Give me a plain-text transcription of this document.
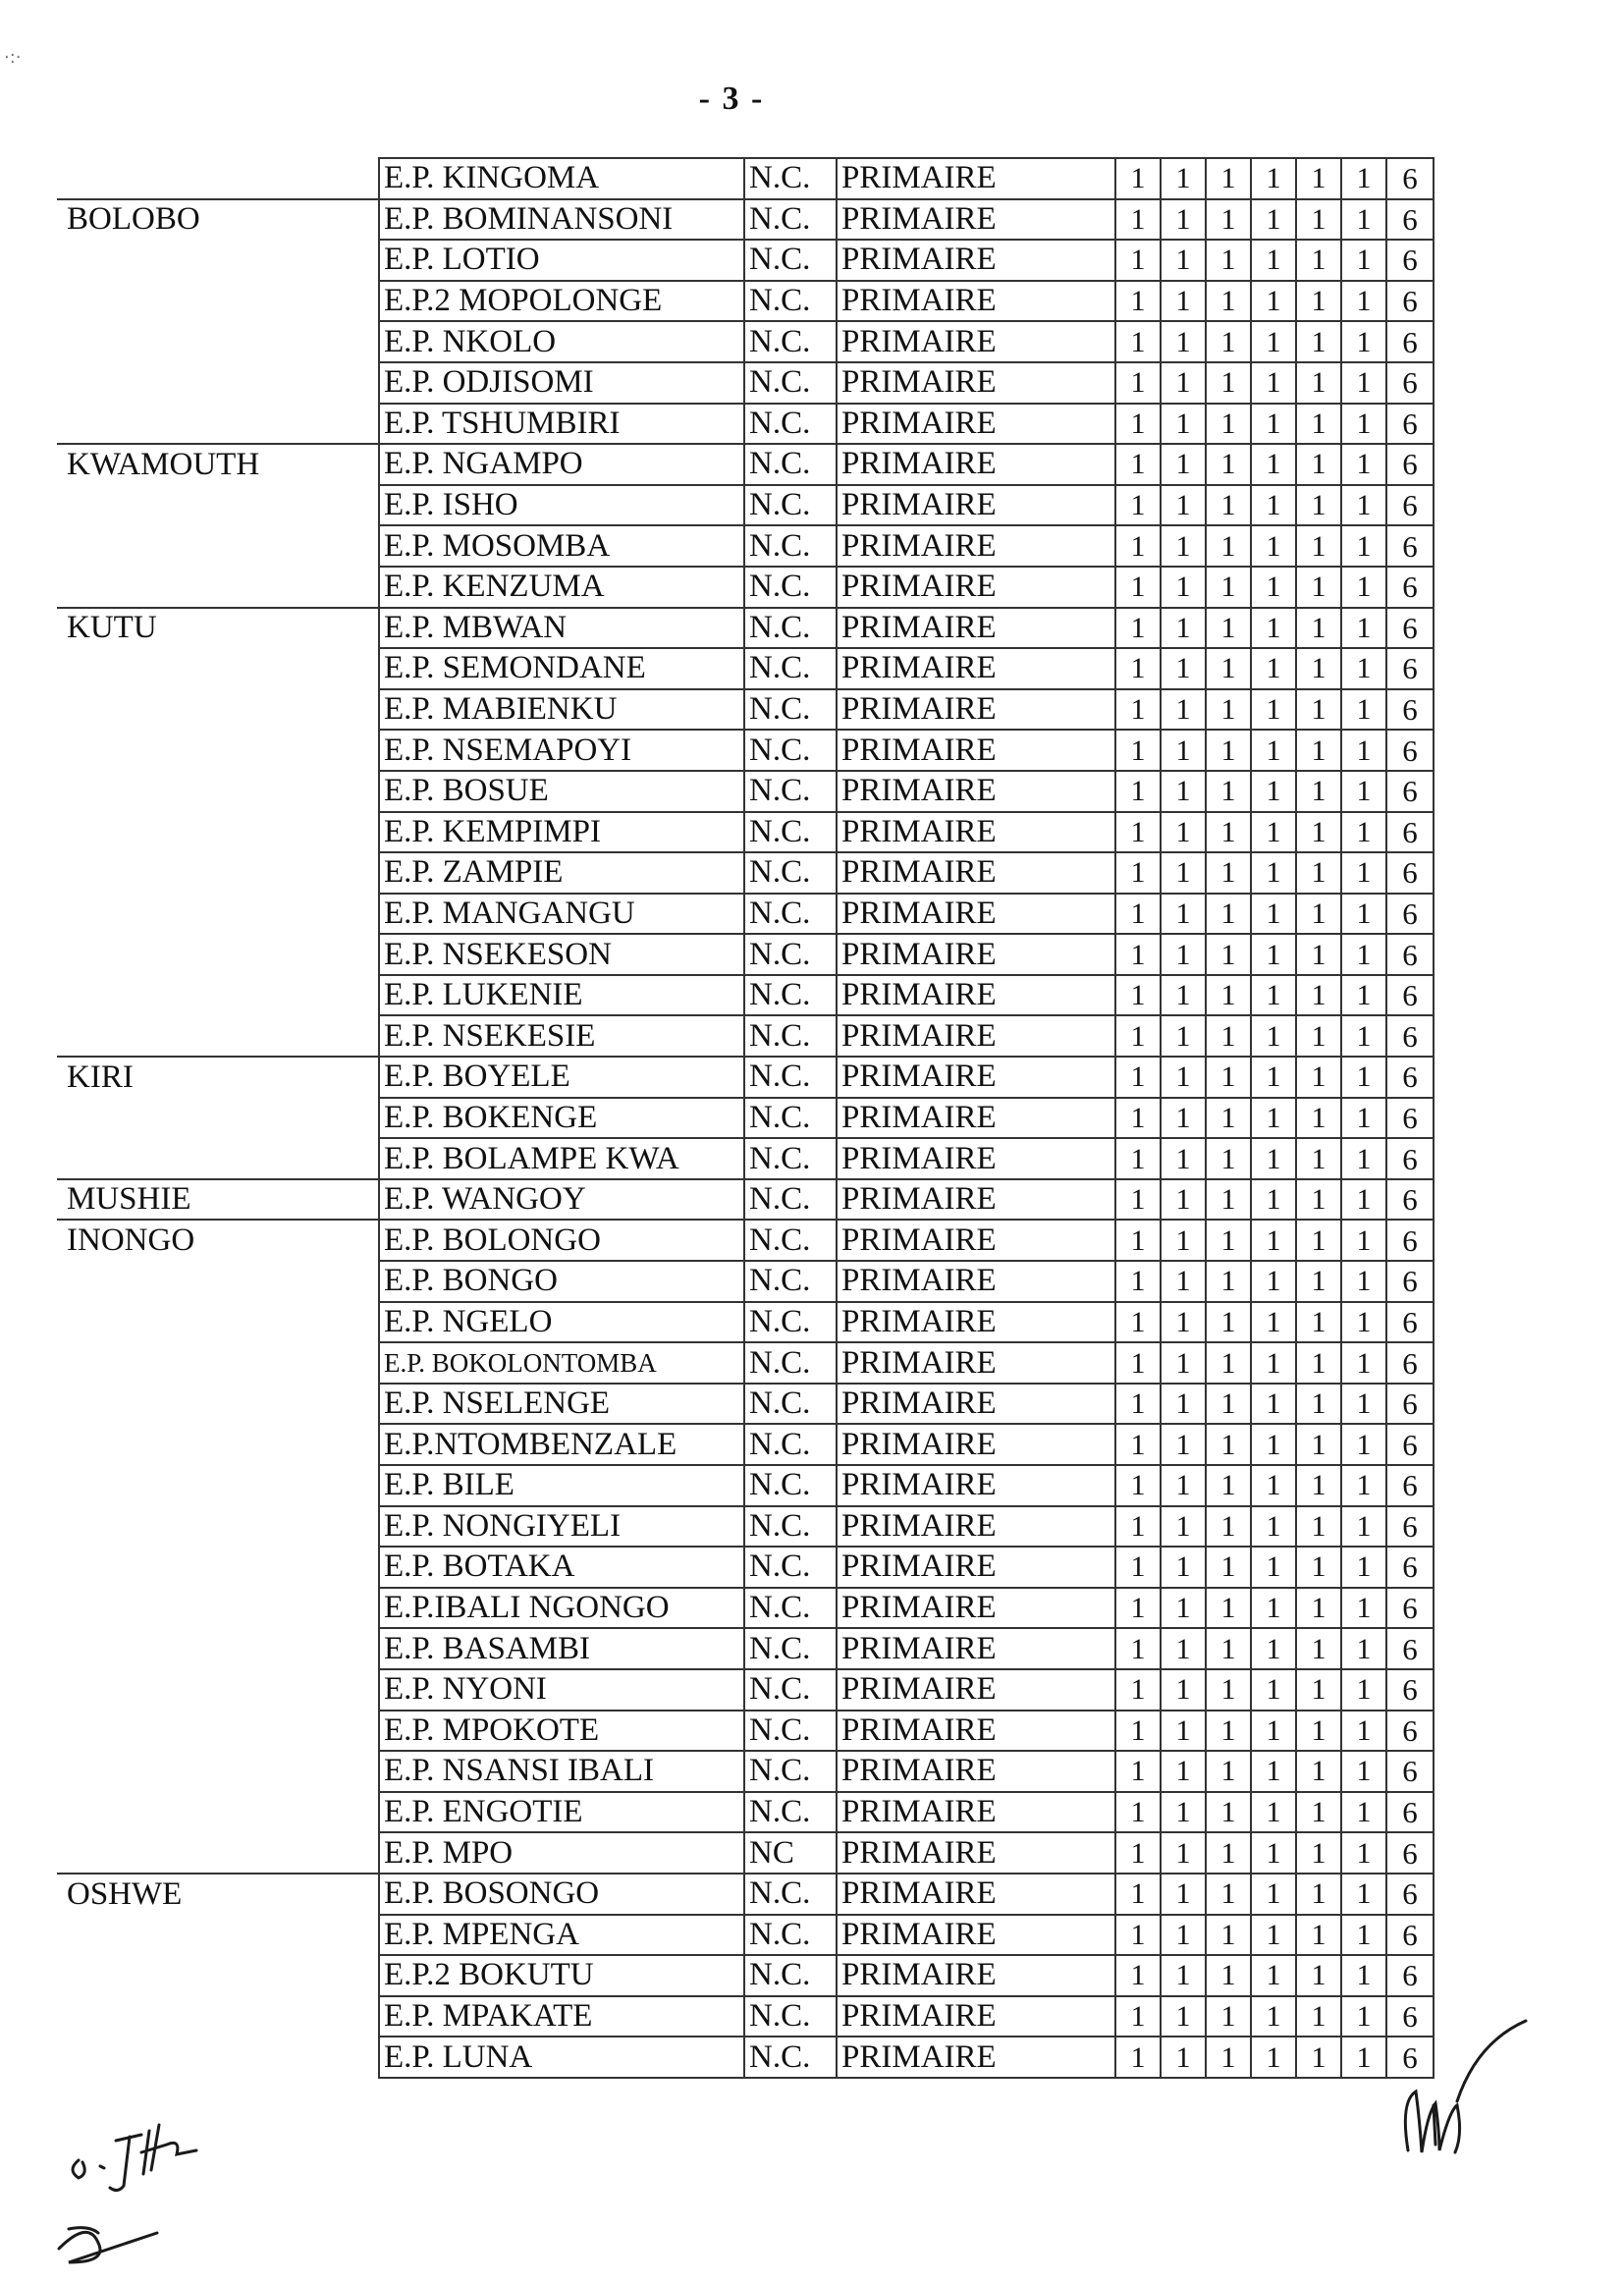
·:·
- 3 -
	E.P. KINGOMA	N.C.	PRIMAIRE	1	1	1	1	1	1	6
BOLOBO	E.P. BOMINANSONI	N.C.	PRIMAIRE	1	1	1	1	1	1	6
	E.P. LOTIO	N.C.	PRIMAIRE	1	1	1	1	1	1	6
	E.P.2 MOPOLONGE	N.C.	PRIMAIRE	1	1	1	1	1	1	6
	E.P. NKOLO	N.C.	PRIMAIRE	1	1	1	1	1	1	6
	E.P. ODJISOMI	N.C.	PRIMAIRE	1	1	1	1	1	1	6
	E.P. TSHUMBIRI	N.C.	PRIMAIRE	1	1	1	1	1	1	6
KWAMOUTH	E.P. NGAMPO	N.C.	PRIMAIRE	1	1	1	1	1	1	6
	E.P. ISHO	N.C.	PRIMAIRE	1	1	1	1	1	1	6
	E.P. MOSOMBA	N.C.	PRIMAIRE	1	1	1	1	1	1	6
	E.P. KENZUMA	N.C.	PRIMAIRE	1	1	1	1	1	1	6
KUTU	E.P. MBWAN	N.C.	PRIMAIRE	1	1	1	1	1	1	6
	E.P. SEMONDANE	N.C.	PRIMAIRE	1	1	1	1	1	1	6
	E.P. MABIENKU	N.C.	PRIMAIRE	1	1	1	1	1	1	6
	E.P. NSEMAPOYI	N.C.	PRIMAIRE	1	1	1	1	1	1	6
	E.P. BOSUE	N.C.	PRIMAIRE	1	1	1	1	1	1	6
	E.P. KEMPIMPI	N.C.	PRIMAIRE	1	1	1	1	1	1	6
	E.P. ZAMPIE	N.C.	PRIMAIRE	1	1	1	1	1	1	6
	E.P. MANGANGU	N.C.	PRIMAIRE	1	1	1	1	1	1	6
	E.P. NSEKESON	N.C.	PRIMAIRE	1	1	1	1	1	1	6
	E.P. LUKENIE	N.C.	PRIMAIRE	1	1	1	1	1	1	6
	E.P. NSEKESIE	N.C.	PRIMAIRE	1	1	1	1	1	1	6
KIRI	E.P. BOYELE	N.C.	PRIMAIRE	1	1	1	1	1	1	6
	E.P. BOKENGE	N.C.	PRIMAIRE	1	1	1	1	1	1	6
	E.P. BOLAMPE KWA	N.C.	PRIMAIRE	1	1	1	1	1	1	6
MUSHIE	E.P. WANGOY	N.C.	PRIMAIRE	1	1	1	1	1	1	6
INONGO	E.P. BOLONGO	N.C.	PRIMAIRE	1	1	1	1	1	1	6
	E.P. BONGO	N.C.	PRIMAIRE	1	1	1	1	1	1	6
	E.P. NGELO	N.C.	PRIMAIRE	1	1	1	1	1	1	6
	E.P. BOKOLONTOMBA	N.C.	PRIMAIRE	1	1	1	1	1	1	6
	E.P. NSELENGE	N.C.	PRIMAIRE	1	1	1	1	1	1	6
	E.P.NTOMBENZALE	N.C.	PRIMAIRE	1	1	1	1	1	1	6
	E.P. BILE	N.C.	PRIMAIRE	1	1	1	1	1	1	6
	E.P. NONGIYELI	N.C.	PRIMAIRE	1	1	1	1	1	1	6
	E.P. BOTAKA	N.C.	PRIMAIRE	1	1	1	1	1	1	6
	E.P.IBALI NGONGO	N.C.	PRIMAIRE	1	1	1	1	1	1	6
	E.P. BASAMBI	N.C.	PRIMAIRE	1	1	1	1	1	1	6
	E.P. NYONI	N.C.	PRIMAIRE	1	1	1	1	1	1	6
	E.P. MPOKOTE	N.C.	PRIMAIRE	1	1	1	1	1	1	6
	E.P. NSANSI IBALI	N.C.	PRIMAIRE	1	1	1	1	1	1	6
	E.P. ENGOTIE	N.C.	PRIMAIRE	1	1	1	1	1	1	6
	E.P. MPO	NC	PRIMAIRE	1	1	1	1	1	1	6
OSHWE	E.P. BOSONGO	N.C.	PRIMAIRE	1	1	1	1	1	1	6
	E.P. MPENGA	N.C.	PRIMAIRE	1	1	1	1	1	1	6
	E.P.2 BOKUTU	N.C.	PRIMAIRE	1	1	1	1	1	1	6
	E.P. MPAKATE	N.C.	PRIMAIRE	1	1	1	1	1	1	6
	E.P. LUNA	N.C.	PRIMAIRE	1	1	1	1	1	1	6
